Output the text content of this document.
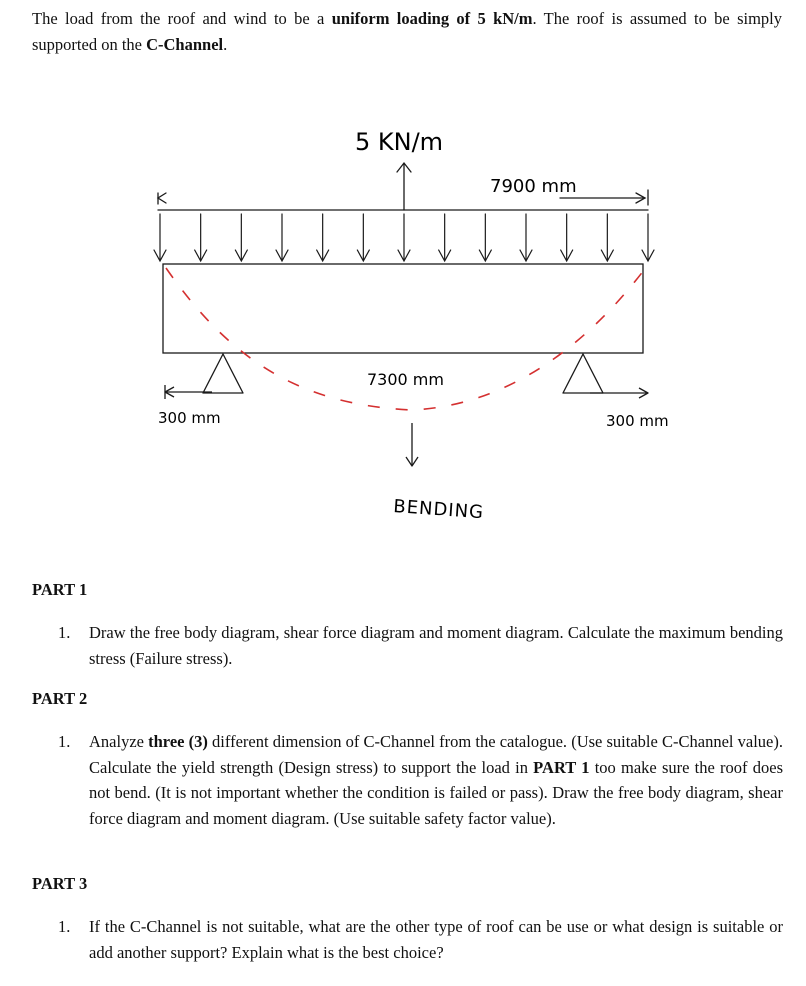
The load from the roof and wind to be a uniform loading of 5 kN/m. The roof is assumed to be simply supported on the C-Channel.
5 KN/m
7900 mm
7300 mm
300 mm	300 mm
BENDING
PART 1
1.	Draw the free body diagram, shear force diagram and moment diagram. Calculate the maximum bending stress (Failure stress).
PART 2
1.	Analyze three (3) different dimension of C-Channel from the catalogue. (Use suitable C-Channel value). Calculate the yield strength (Design stress) to support the load in PART 1 too make sure the roof does not bend. (It is not important whether the condition is failed or pass). Draw the free body diagram, shear force diagram and moment diagram. (Use suitable safety factor value).
PART 3
1.	If the C-Channel is not suitable, what are the other type of roof can be use or what design is suitable or add another support? Explain what is the best choice?
